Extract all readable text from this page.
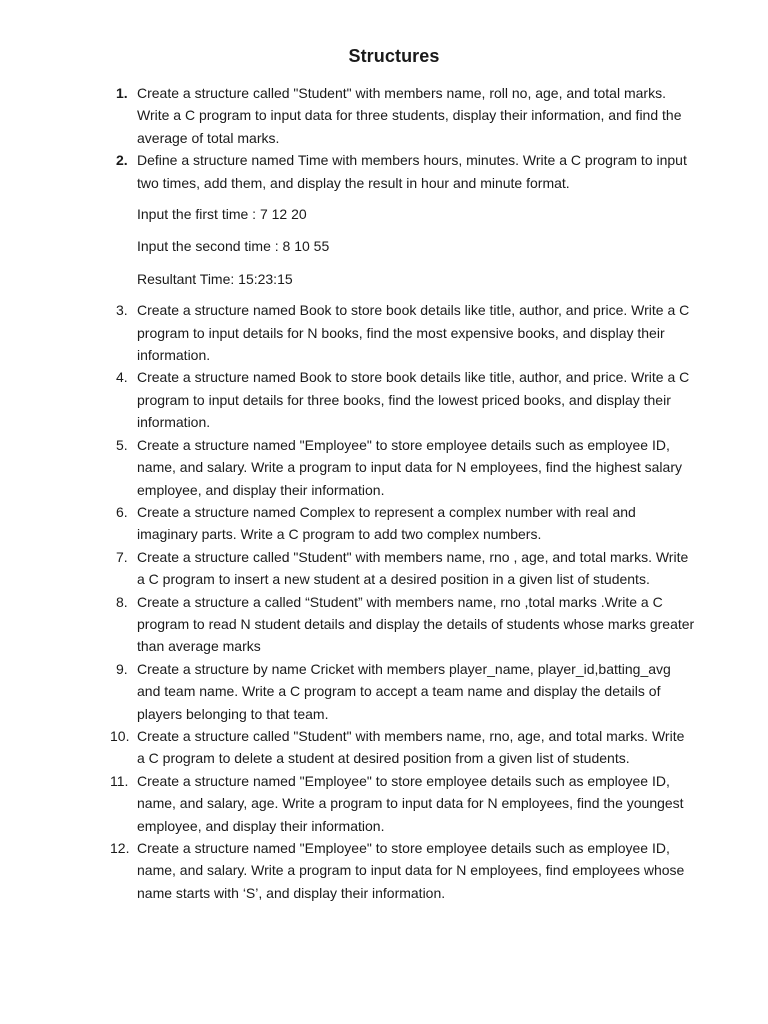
Structures
1. Create a structure called "Student" with members name, roll no, age, and total marks. Write a C program to input data for three students, display their information, and find the average of total marks.
2. Define a structure named Time with members hours, minutes. Write a C program to input two times, add them, and display the result in hour and minute format.
Input the first time : 7 12 20
Input the second time : 8 10 55
Resultant Time: 15:23:15
3. Create a structure named Book to store book details like title, author, and price. Write a C program to input details for N books, find the most expensive books, and display their information.
4. Create a structure named Book to store book details like title, author, and price. Write a C program to input details for three books, find the lowest priced books, and display their information.
5. Create a structure named "Employee" to store employee details such as employee ID, name, and salary. Write a program to input data for N employees, find the highest salary employee, and display their information.
6. Create a structure named Complex to represent a complex number with real and imaginary parts. Write a C program to add two complex numbers.
7. Create a structure called "Student" with members name, rno , age, and total marks. Write a C program to insert a new student at a desired position in a given list of students.
8. Create a structure a called “Student” with members name, rno ,total marks .Write a C program to read N student details and display the details of students whose marks greater than average marks
9. Create a structure by name Cricket with members player_name, player_id,batting_avg and team name. Write a C program to accept a team name and display the details of players belonging to that team.
10. Create a structure called "Student" with members name, rno, age, and total marks. Write a C program to delete a student at desired position from a given list of students.
11. Create a structure named "Employee" to store employee details such as employee ID, name, and salary, age. Write a program to input data for N employees, find the youngest employee, and display their information.
12. Create a structure named "Employee" to store employee details such as employee ID, name, and salary. Write a program to input data for N employees, find employees whose name starts with ‘S’, and display their information.
